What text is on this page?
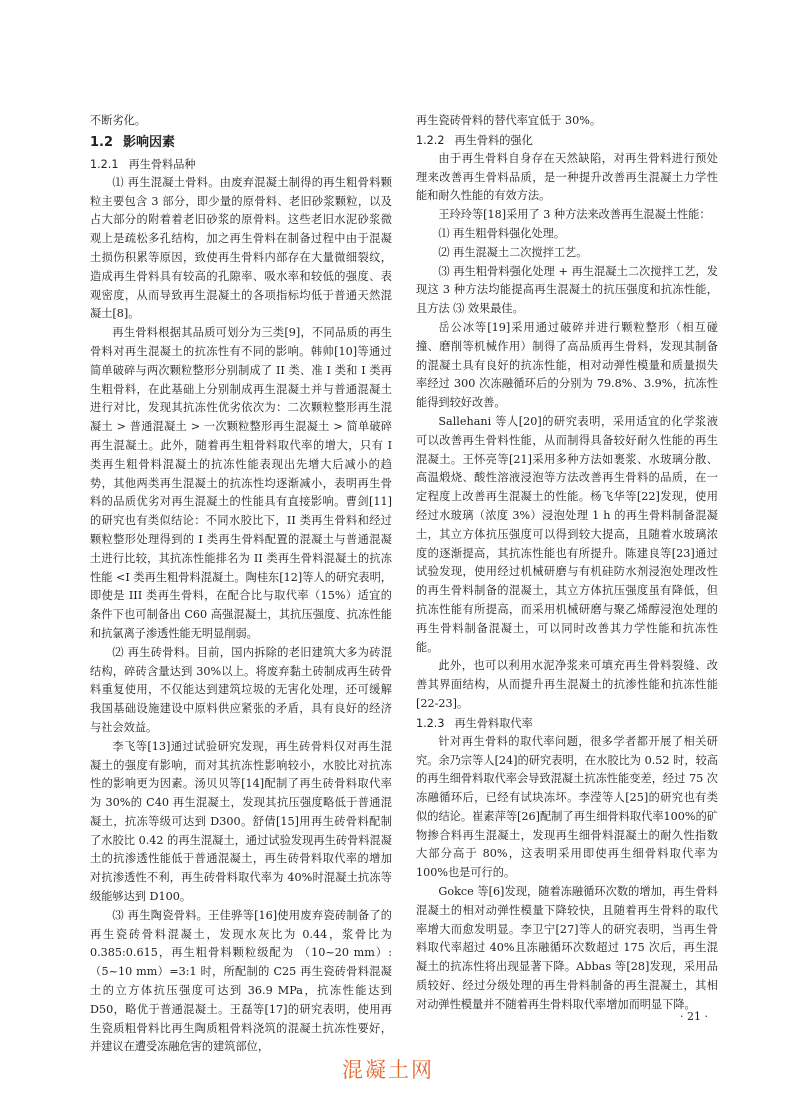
不断劣化。

1.2 影响因素
1.2.1 再生骨料品种

⑴ 再生混凝土骨料。由废弃混凝土制得的再生粗骨料颗粒主要包含 3 部分，即少量的原骨料、老旧砂浆颗粒，以及占大部分的附着着老旧砂浆的原骨料。这些老旧水泥砂浆微观上是疏松多孔结构，加之再生骨料在制备过程中由于混凝土损伤积累等原因，致使再生骨料内部存在大量微细裂纹，造成再生骨料具有较高的孔隙率、吸水率和较低的强度、表观密度，从而导致再生混凝土的各项指标均低于普通天然混凝土[8]。

再生骨料根据其品质可划分为三类[9]，不同品质的再生骨料对再生混凝土的抗冻性有不同的影响。韩帅[10]等通过简单破碎与两次颗粒整形分别制成了 II 类、准 I 类和 I 类再生粗骨料，在此基础上分别制成再生混凝土并与普通混凝土进行对比，发现其抗冻性优劣依次为：二次颗粒整形再生混凝土 > 普通混凝土 > 一次颗粒整形再生混凝土 > 简单破碎再生混凝土。此外，随着再生粗骨料取代率的增大，只有 I 类再生粗骨料混凝土的抗冻性能表现出先增大后减小的趋势，其他两类再生混凝土的抗冻性均逐渐减小，表明再生骨料的品质优劣对再生混凝土的性能具有直接影响。曹剑[11]的研究也有类似结论：不同水胶比下，II 类再生骨料和经过颗粒整形处理得到的 I 类再生骨料配置的混凝土与普通混凝土进行比较，其抗冻性能排名为 II 类再生骨料混凝土的抗冻性能 <I 类再生粗骨料混凝土。陶桂东[12]等人的研究表明，即使是 III 类再生骨料，在配合比与取代率（15%）适宜的条件下也可制备出 C60 高强混凝土，其抗压强度、抗冻性能和抗氯离子渗透性能无明显削弱。

⑵ 再生砖骨料。目前，国内拆除的老旧建筑大多为砖混结构，碎砖含量达到 30%以上。将废弃黏土砖制成再生砖骨料重复使用，不仅能达到建筑垃圾的无害化处理，还可缓解我国基础设施建设中原料供应紧张的矛盾，具有良好的经济与社会效益。

李飞等[13]通过试验研究发现，再生砖骨料仅对再生混凝土的强度有影响，而对其抗冻性影响较小，水胶比对抗冻性的影响更为因素。汤贝贝等[14]配制了再生砖骨料取代率为 30%的 C40 再生混凝土，发现其抗压强度略低于普通混凝土，抗冻等级可达到 D300。舒倩[15]用再生砖骨料配制了水胶比 0.42 的再生混凝土，通过试验发现再生砖骨料混凝土的抗渗透性能低于普通混凝土，再生砖骨料取代率的增加对抗渗透性不利，再生砖骨料取代率为 40%时混凝土抗冻等级能够达到 D100。

⑶ 再生陶瓷骨料。王佳骅等[16]使用废弃瓷砖制备了的再生瓷砖骨料混凝土，发现水灰比为 0.44，浆骨比为 0.385:0.615，再生粗骨料颗粒级配为 （10~20 mm）:（5~10 mm）=3:1 时，所配制的 C25 再生瓷砖骨料混凝土的立方体抗压强度可达到 36.9 MPa，抗冻性能达到 D50，略优于普通混凝土。王磊等[17]的研究表明，使用再生瓷质粗骨料比再生陶质粗骨料浇筑的混凝土抗冻性要好，并建议在遭受冻融危害的建筑部位，

再生瓷砖骨料的替代率宜低于 30%。

1.2.2 再生骨料的强化

由于再生骨料自身存在天然缺陷，对再生骨料进行预处理来改善再生骨料品质，是一种提升改善再生混凝土力学性能和耐久性能的有效方法。

王玲玲等[18]采用了 3 种方法来改善再生混凝土性能：

⑴ 再生粗骨料强化处理。

⑵ 再生混凝土二次搅拌工艺。

⑶ 再生粗骨料强化处理 + 再生混凝土二次搅拌工艺，发现这 3 种方法均能提高再生混凝土的抗压强度和抗冻性能，且方法 ⑶ 效果最佳。

岳公冰等[19]采用通过破碎并进行颗粒整形（相互碰撞、磨削等机械作用）制得了高品质再生骨料，发现其制备的混凝土具有良好的抗冻性能，相对动弹性模量和质量损失率经过 300 次冻融循环后的分别为 79.8%、3.9%，抗冻性能得到较好改善。

Sallehani 等人[20]的研究表明，采用适宜的化学浆液可以改善再生骨料性能，从而制得具备较好耐久性能的再生混凝土。王怀亮等[21]采用多种方法如裹浆、水玻璃分散、高温煅烧、酸性溶液浸泡等方法改善再生骨料的品质，在一定程度上改善再生混凝土的性能。杨飞华等[22]发现，使用经过水玻璃（浓度 3%）浸泡处理 1 h 的再生骨料制备混凝土，其立方体抗压强度可以得到较大提高，且随着水玻璃浓度的逐渐提高，其抗冻性能也有所提升。陈建良等[23]通过试验发现，使用经过机械研磨与有机硅防水剂浸泡处理改性的再生骨料制备的混凝土，其立方体抗压强度虽有降低，但抗冻性能有所提高，而采用机械研磨与聚乙烯醇浸泡处理的再生骨料制备混凝土，可以同时改善其力学性能和抗冻性能。

此外，也可以利用水泥净浆来可填充再生骨料裂缝、改善其界面结构，从而提升再生混凝土的抗渗性能和抗冻性能[22-23]。

1.2.3 再生骨料取代率

针对再生骨料的取代率问题，很多学者都开展了相关研究。余乃宗等人[24]的研究表明，在水胶比为 0.52 时，较高的再生细骨料取代率会导致混凝土抗冻性能变差，经过 75 次冻融循环后，已经有试块冻坏。李滢等人[25]的研究也有类似的结论。崔素萍等[26]配制了再生细骨料取代率100%的矿物掺合料再生混凝土，发现再生细骨料混凝土的耐久性指数大部分高于 80%，这表明采用即使再生细骨料取代率为 100%也是可行的。

Gokce 等[6]发现，随着冻融循环次数的增加，再生骨料混凝土的相对动弹性模量下降较快，且随着再生骨料的取代率增大而愈发明显。李卫宁[27]等人的研究表明，当再生骨料取代率超过 40%且冻融循环次数超过 175 次后，再生混凝土的抗冻性将出现显著下降。Abbas 等[28]发现，采用品质较好、经过分级处理的再生骨料制备的再生混凝土，其相对动弹性模量并不随着再生骨料取代率增加而明显下降。

· 21 ·
混凝土网
